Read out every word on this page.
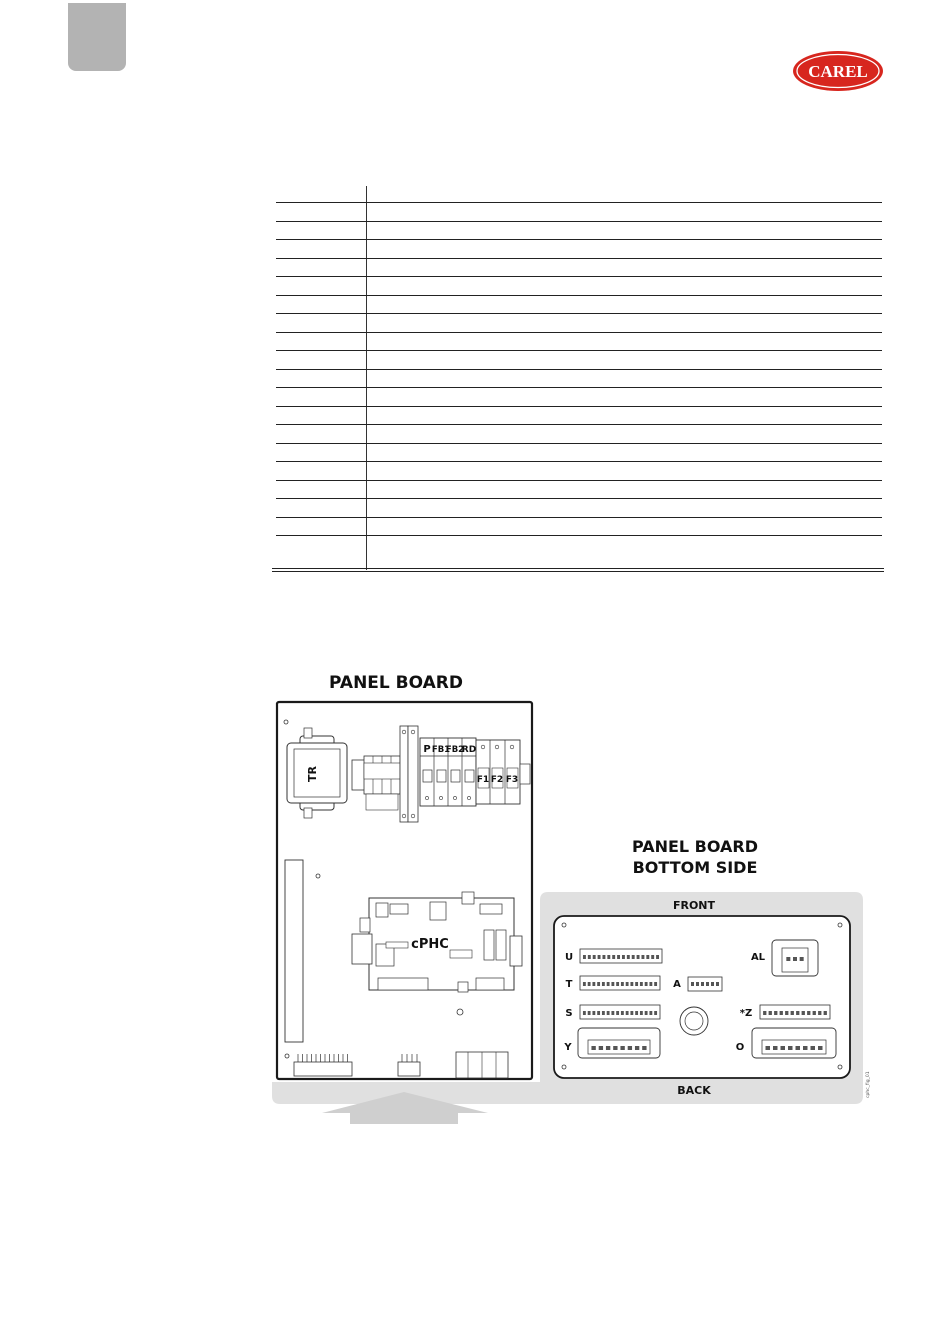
CAREL
PANEL BOARD
PANEL BOARD
BOTTOM SIDE
TR
P FB1
FB2
RD
F1 F2 F3
cPHC
FRONT
BACK
U
T
S
Y
A
AL
*Z
O
cphc_fig_01
